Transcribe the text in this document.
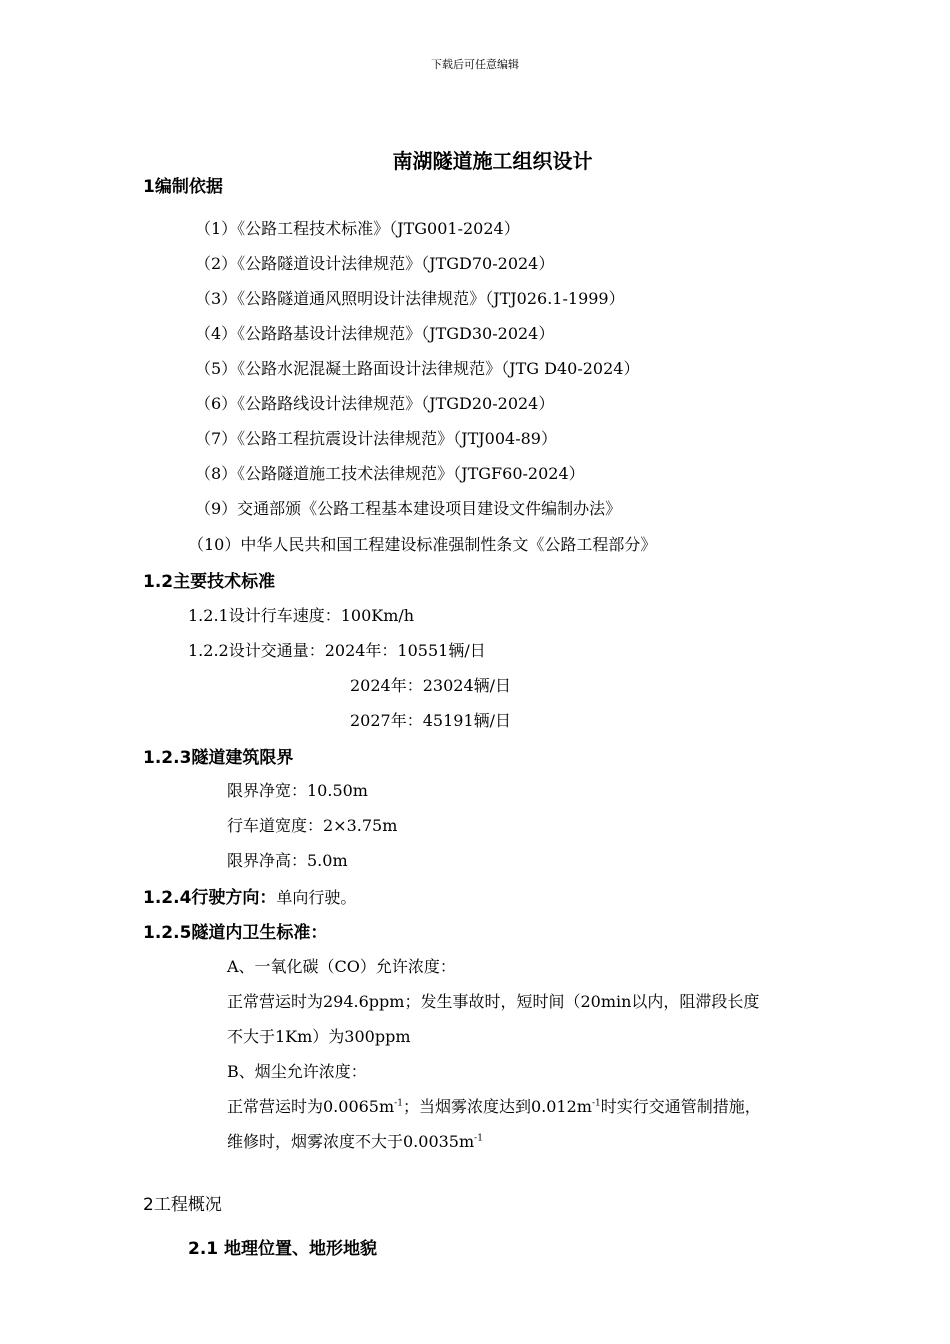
下载后可任意编辑
南湖隧道施工组织设计
1编制依据
（1）《公路工程技术标准》（JTG001-2024）
（2）《公路隧道设计法律规范》（JTGD70-2024）
（3）《公路隧道通风照明设计法律规范》（JTJ026.1-1999）
（4）《公路路基设计法律规范》（JTGD30-2024）
（5）《公路水泥混凝土路面设计法律规范》（JTG D40-2024）
（6）《公路路线设计法律规范》（JTGD20-2024）
（7）《公路工程抗震设计法律规范》（JTJ004-89）
（8）《公路隧道施工技术法律规范》（JTGF60-2024）
（9）交通部颁《公路工程基本建设项目建设文件编制办法》
（10）中华人民共和国工程建设标准强制性条文《公路工程部分》
1.2主要技术标准
1.2.1设计行车速度：100Km/h
1.2.2设计交通量：2024年：10551辆/日
2024年：23024辆/日
2027年：45191辆/日
1.2.3隧道建筑限界
限界净宽：10.50m
行车道宽度：2×3.75m
限界净高：5.0m
1.2.4行驶方向：单向行驶。
1.2.5隧道内卫生标准：
A、一氧化碳（CO）允许浓度：
正常营运时为294.6ppm；发生事故时，短时间（20min以内，阻滞段长度
不大于1Km）为300ppm
B、烟尘允许浓度：
正常营运时为$0.0065m^{-1}$；当烟雾浓度达到$0.012m^{-1}$时实行交通管制措施，
维修时，烟雾浓度不大于$0.0035m^{-1}$
2工程概况
2.1 地理位置、地形地貌
